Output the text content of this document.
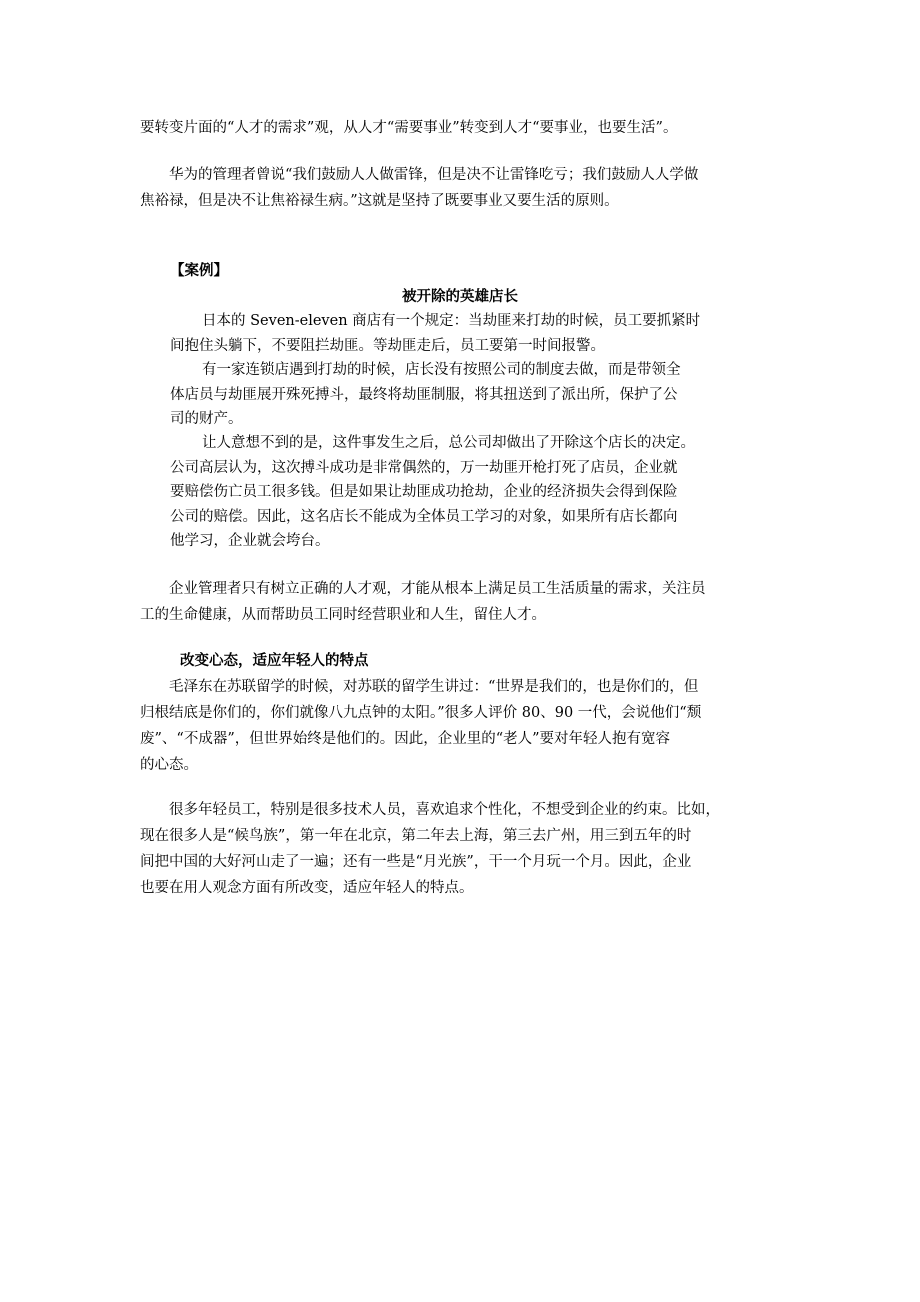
要转变片面的“人才的需求”观，从人才“需要事业”转变到人才“要事业，也要生活”。
华为的管理者曾说“我们鼓励人人做雷锋，但是决不让雷锋吃亏；我们鼓励人人学做
焦裕禄，但是决不让焦裕禄生病。”这就是坚持了既要事业又要生活的原则。
【案例】
被开除的英雄店长
日本的 Seven-eleven 商店有一个规定：当劫匪来打劫的时候，员工要抓紧时
间抱住头躺下，不要阻拦劫匪。等劫匪走后，员工要第一时间报警。
有一家连锁店遇到打劫的时候，店长没有按照公司的制度去做，而是带领全
体店员与劫匪展开殊死搏斗，最终将劫匪制服，将其扭送到了派出所，保护了公
司的财产。
让人意想不到的是，这件事发生之后，总公司却做出了开除这个店长的决定。
公司高层认为，这次搏斗成功是非常偶然的，万一劫匪开枪打死了店员，企业就
要赔偿伤亡员工很多钱。但是如果让劫匪成功抢劫，企业的经济损失会得到保险
公司的赔偿。因此，这名店长不能成为全体员工学习的对象，如果所有店长都向
他学习，企业就会垮台。
企业管理者只有树立正确的人才观，才能从根本上满足员工生活质量的需求，关注员
工的生命健康，从而帮助员工同时经营职业和人生，留住人才。
改变心态，适应年轻人的特点
毛泽东在苏联留学的时候，对苏联的留学生讲过：“世界是我们的，也是你们的，但
归根结底是你们的，你们就像八九点钟的太阳。”很多人评价 80、90 一代，会说他们“颓
废”、“不成器”，但世界始终是他们的。因此，企业里的“老人”要对年轻人抱有宽容
的心态。
很多年轻员工，特别是很多技术人员，喜欢追求个性化，不想受到企业的约束。比如，
现在很多人是“候鸟族”，第一年在北京，第二年去上海，第三去广州，用三到五年的时
间把中国的大好河山走了一遍；还有一些是“月光族”，干一个月玩一个月。因此，企业
也要在用人观念方面有所改变，适应年轻人的特点。
